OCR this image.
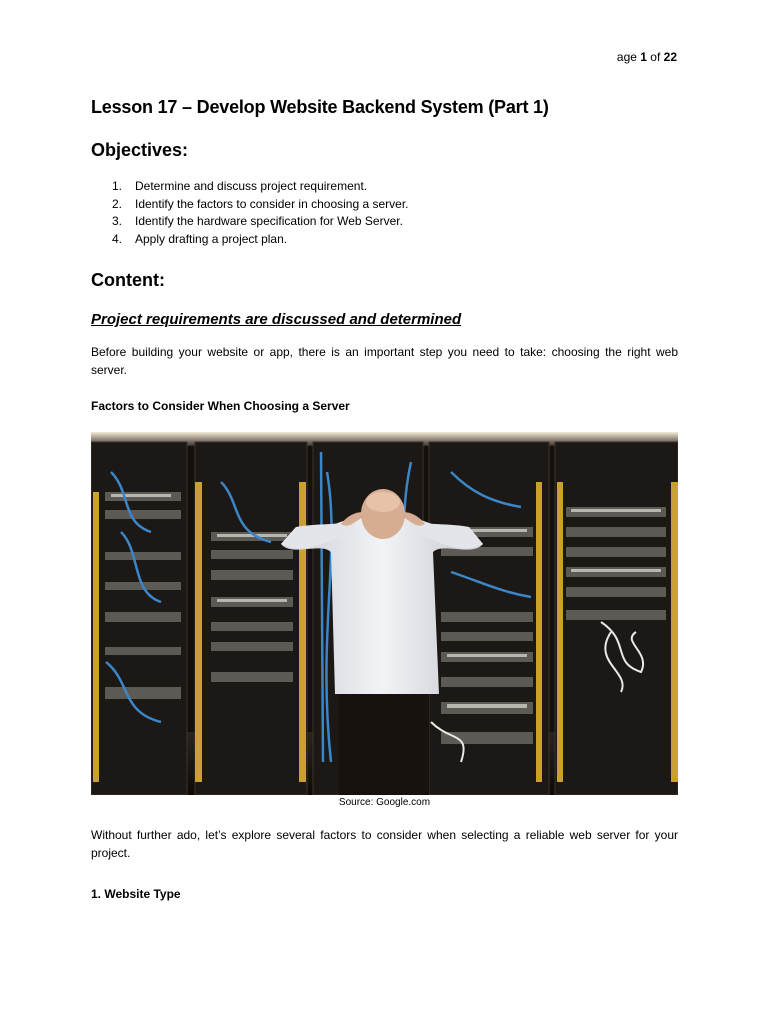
age 1 of 22
Lesson 17 – Develop Website Backend System (Part 1)
Objectives:
1.	Determine and discuss project requirement.
2.	Identify the factors to consider in choosing a server.
3.	Identify the hardware specification for Web Server.
4.	Apply drafting a project plan.
Content:
Project requirements are discussed and determined

Before building your website or app, there is an important step you need to take: choosing the right web server.

Factors to Consider When Choosing a Server

Source: Google.com

Without further ado, let’s explore several factors to consider when selecting a reliable web server for your project.

1. Website Type
